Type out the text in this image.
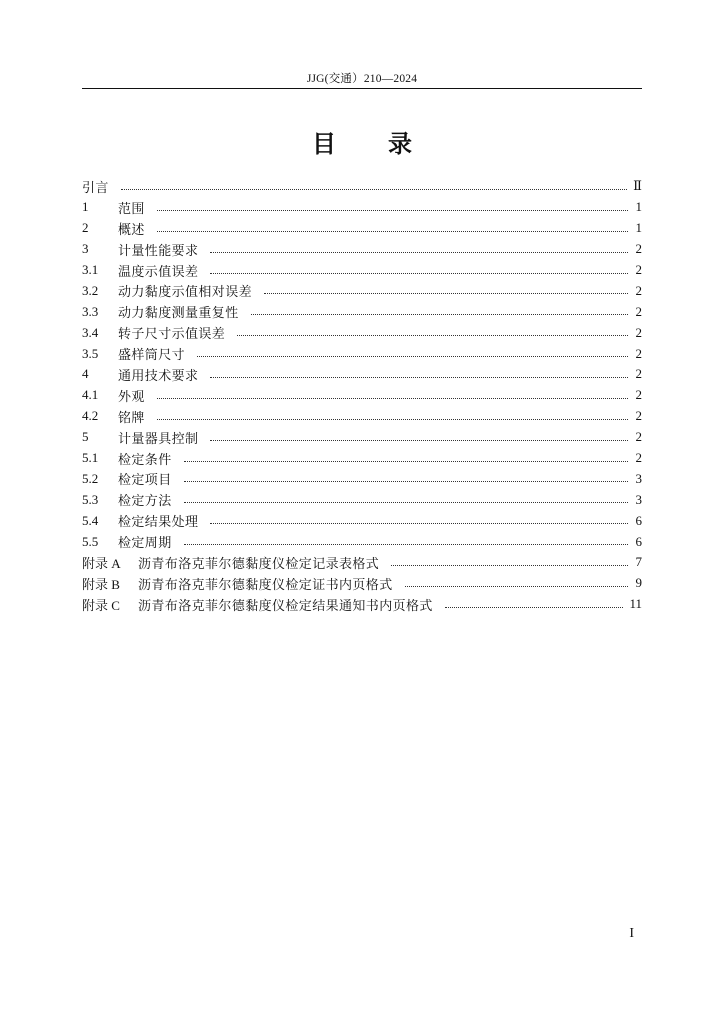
JJG(交通）210—2024
目录
引言	Ⅱ
1	范围	1
2	概述	1
3	计量性能要求	2
3.1	温度示值误差	2
3.2	动力黏度示值相对误差	2
3.3	动力黏度测量重复性	2
3.4	转子尺寸示值误差	2
3.5	盛样筒尺寸	2
4	通用技术要求	2
4.1	外观	2
4.2	铭牌	2
5	计量器具控制	2
5.1	检定条件	2
5.2	检定项目	3
5.3	检定方法	3
5.4	检定结果处理	6
5.5	检定周期	6
附录 A	沥青布洛克菲尔德黏度仪检定记录表格式	7
附录 B	沥青布洛克菲尔德黏度仪检定证书内页格式	9
附录 C	沥青布洛克菲尔德黏度仪检定结果通知书内页格式	11
I
